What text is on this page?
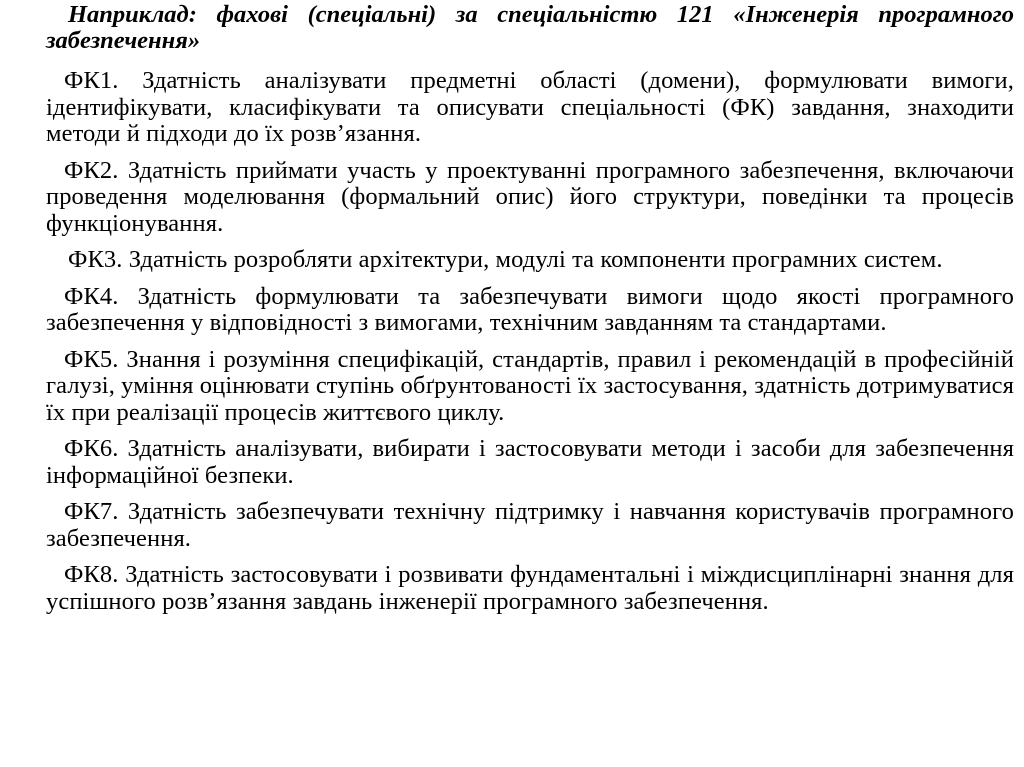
Наприклад: фахові (спеціальні) за спеціальністю 121 «Інженерія програмного забезпечення»

ФК1. Здатність аналізувати предметні області (домени), формулювати вимоги, ідентифікувати, класифікувати та описувати спеціальності (ФК) завдання, знаходити методи й підходи до їх розв’язання.

ФК2. Здатність приймати участь у проектуванні програмного забезпечення, включаючи проведення моделювання (формальний опис) його структури, поведінки та процесів функціонування.

ФК3. Здатність розробляти архітектури, модулі та компоненти програмних систем.

ФК4. Здатність формулювати та забезпечувати вимоги щодо якості програмного забезпечення у відповідності з вимогами, технічним завданням та стандартами.

ФК5. Знання і розуміння специфікацій, стандартів, правил і рекомендацій в професійній галузі, уміння оцінювати ступінь обґрунтованості їх застосування, здатність дотримуватися їх при реалізації процесів життєвого циклу.

ФК6. Здатність аналізувати, вибирати і застосовувати методи і засоби для забезпечення інформаційної безпеки.

ФК7. Здатність забезпечувати технічну підтримку і навчання користувачів програмного забезпечення.

ФК8. Здатність застосовувати і розвивати фундаментальні і міждисциплінарні знання для успішного розв’язання завдань інженерії програмного забезпечення.
